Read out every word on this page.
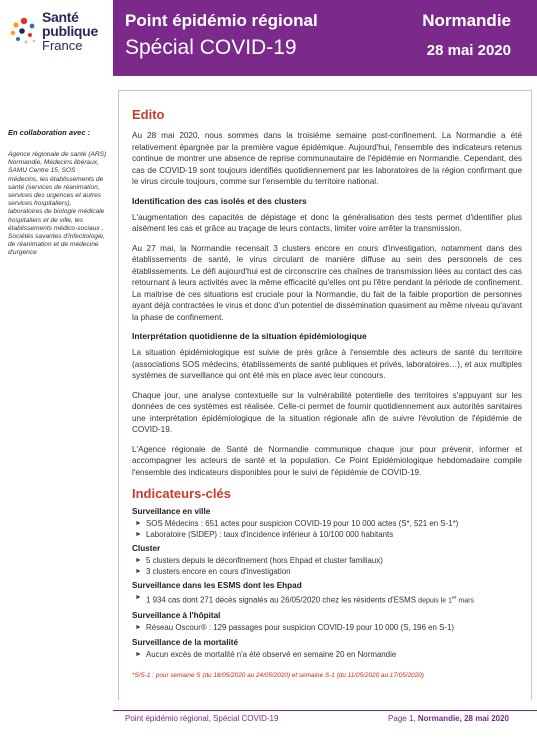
Santé
publique
France
Point épidémio régional
Spécial COVID-19
Normandie
28 mai 2020
En collaboration avec :
Agence régionale de santé (ARS) Normandie, Médecins libéraux, SAMU Centre 15, SOS médecins, les établissements de santé (services de réanimation, services des urgences et autres services hospitaliers), laboratoires de biologie médicale hospitaliers et de ville, les établissements médico-sociaux , Sociétés savantes d'infectiologie, de réanimation et de médecine d'urgence
Edito

Au 28 mai 2020, nous sommes dans la troisième semaine post-confinement. La Normandie a été relativement épargnée par la première vague épidémique. Aujourd'hui, l'ensemble des indicateurs retenus continue de montrer une absence de reprise communautaire de l'épidémie en Normandie. Cependant, des cas de COVID-19 sont toujours identifiés quotidiennement par les laboratoires de la région confirmant que le virus circule toujours, comme sur l'ensemble du territoire national.

Identification des cas isolés et des clusters

L'augmentation des capacités de dépistage et donc la généralisation des tests permet d'identifier plus aisément les cas et grâce au traçage de leurs contacts, limiter voire arrêter la transmission.

Au 27 mai, la Normandie recensait 3 clusters encore en cours d'investigation, notamment dans des établissements de santé, le virus circulant de manière diffuse au sein des personnels de ces établissements. Le défi aujourd'hui est de circonscrire ces chaînes de transmission liées au contact des cas retournant à leurs activités avec la même efficacité qu'elles ont pu l'être pendant la période de confinement. La maitrise de ces situations est cruciale pour la Normandie, du fait de la faible proportion de personnes ayant déjà contractées le virus et donc d'un potentiel de dissémination quasiment au même niveau qu'avant la phase de confinement.

Interprétation quotidienne de la situation épidémiologique

La situation épidémiologique est suivie de près grâce à l'ensemble des acteurs de santé du territoire (associations SOS médecins, établissements de santé publiques et privés, laboratoires…), et aux multiples systèmes de surveillance qui ont été mis en place avec leur concours.

Chaque jour, une analyse contextuelle sur la vulnérabilité potentielle des territoires s'appuyant sur les données de ces systèmes est réalisée. Celle-ci permet de fournir quotidiennement aux autorités sanitaires une interprétation épidémiologique de la situation régionale afin de suivre l'évolution de l'épidémie de COVID-19.

L'Agence régionale de Santé de Normandie communique chaque jour pour prévenir, informer et accompagner les acteurs de santé et la population. Ce Point Epidémiologique hebdomadaire compile l'ensemble des indicateurs disponibles pour le suivi de l'épidémie de COVID-19.

Indicateurs-clés
Surveillance en ville
► SOS Médecins : 651 actes pour suspicion COVID-19 pour 10 000 actes (S*, 521 en S-1*)
► Laboratoire (SIDEP) : taux d'incidence inférieur à 10/100 000 habitants
Cluster
► 5 clusters depuis le déconfinement (hors Ehpad et cluster familiaux)
► 3 clusters encore en cours d'investigation
Surveillance dans les ESMS dont les Ehpad
► 1 934 cas dont 271 décès signalés au 26/05/2020 chez les résidents d'ESMS depuis le 1er mars
Surveillance à l'hôpital
► Réseau Oscour® : 129 passages pour suspicion COVID-19 pour 10 000 (S, 196 en S-1)
Surveillance de la mortalité
► Aucun excès de mortalité n'a été observé en semaine 20 en Normandie
*S/S-1 : pour semaine S (du 18/05/2020 au 24/05/2020) et semaine S-1 (du 11/05/2020 au 17/05/2020)
Point épidémio régional, Spécial COVID-19	Page 1, Normandie, 28 mai 2020
